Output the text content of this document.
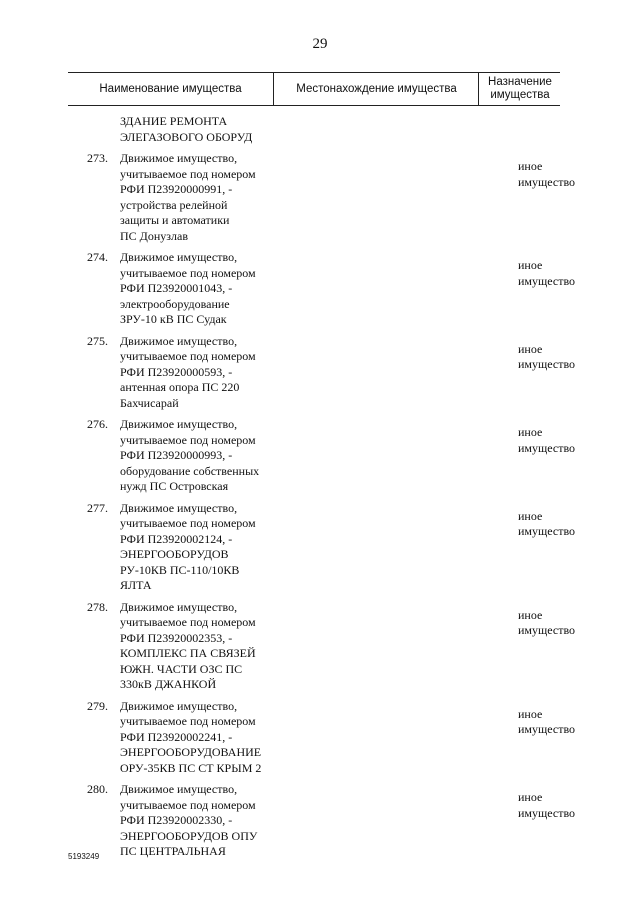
29
Наименование имущества	Местонахождение имущества
Назначение
имущества
ЗДАНИЕ РЕМОНТА
ЭЛЕГАЗОВОГО ОБОРУД
273. Движимое имущество,
учитываемое под номером
РФИ П23920000991, -
устройства релейной
защиты и автоматики
ПС Донузлав
иное
имущество
274. Движимое имущество,
учитываемое под номером
РФИ П23920001043, -
электрооборудование
ЗРУ-10 кВ ПС Судак
иное
имущество
275. Движимое имущество,
учитываемое под номером
РФИ П23920000593, -
антенная опора ПС 220
Бахчисарай
иное
имущество
276. Движимое имущество,
учитываемое под номером
РФИ П23920000993, -
оборудование собственных
нужд ПС Островская
иное
имущество
277. Движимое имущество,
учитываемое под номером
РФИ П23920002124, -
ЭНЕРГООБОРУДОВ
РУ-10КВ ПС-110/10КВ
ЯЛТА
иное
имущество
278. Движимое имущество,
учитываемое под номером
РФИ П23920002353, -
КОМПЛЕКС ПА СВЯЗЕЙ
ЮЖН. ЧАСТИ ОЗС ПС
330кВ ДЖАНКОЙ
иное
имущество
279. Движимое имущество,
учитываемое под номером
РФИ П23920002241, -
ЭНЕРГООБОРУДОВАНИЕ
ОРУ-35КВ ПС СТ КРЫМ 2
иное
имущество
280. Движимое имущество,
учитываемое под номером
РФИ П23920002330, -
ЭНЕРГООБОРУДОВ ОПУ
ПС ЦЕНТРАЛЬНАЯ
иное
имущество
5193249
